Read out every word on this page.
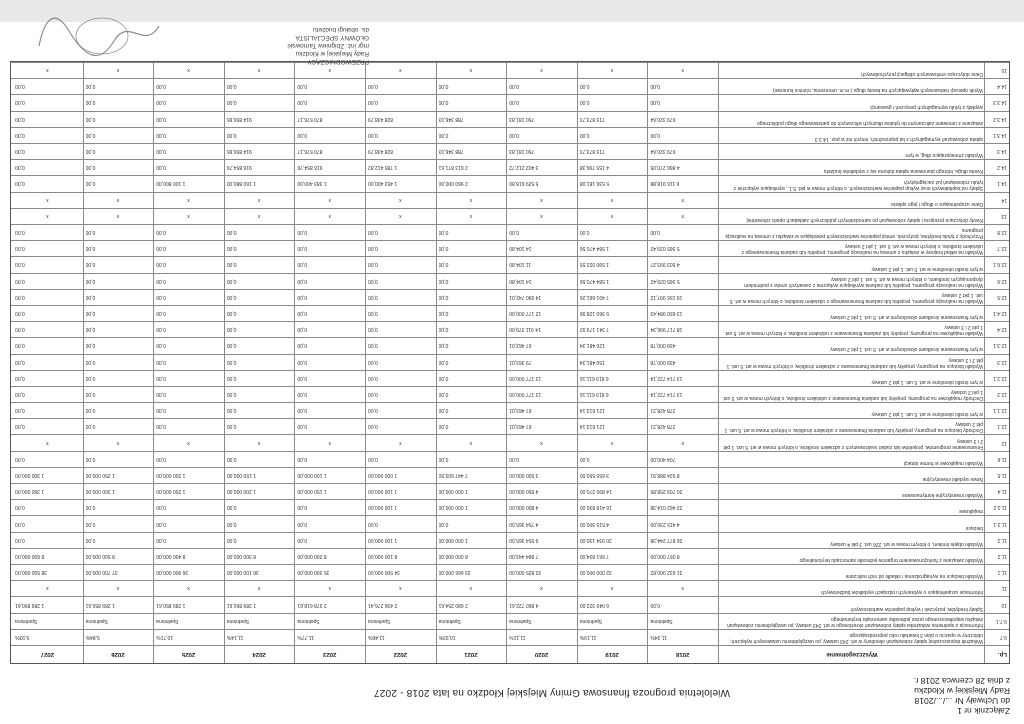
Załącznik nr 1
do Uchwały Nr .../.../2018
Rady Miejskiej w Kłodzku
z dnia 28 czerwca 2018 r.
Wieloletnia prognoza finansowa Gminy Miejskiej Kłodzko na lata 2018 - 2027
Lp.
Wyszczególnienie
2018
2019
2020
2021
2022
2023
2024
2025
2026
2027
9.7
Wskaźnik dopuszczalnej spłaty zobowiązań określony w art. 243 ustawy, po uwzględnieniu ustawowych wyłączeń, obliczony w oparciu o plan 3 kwartału roku poprzedzającego
11,34%
11,19%
11,11%
10,93%
11,46%
11,77%
11,14%
10,71%
9,84%
9,93%
9.7.1
Informacja o spełnieniu wskaźnika spłaty zobowiązań określonego w art. 243 ustawy, po uwzględnieniu zobowiązań związku współtworzonego przez jednostkę samorządu terytorialnego
Spełniona
Spełniona
Spełniona
Spełniona
Spełniona
Spełniona
Spełniona
Spełniona
Spełniona
Spełniona
10
Spłaty kredytów, pożyczek i wykup papierów wartościowych
0,00
6 049 322,00
4 860 722,61
2 680 254,61
2 436 276,41
2 378 618,61
1 289 850,61
1 289 850,61
1 289 850,61
1 289 850,61
11
Informacje uzupełniające o wybranych rodzajach wydatków budżetowych
x
x
x
x
x
x
x
x
x
x
11.1
Wydatki bieżące na wynagrodzenia i składki od nich naliczane
31 632 900,82
32 000 000,00
32 825 000,00
33 666 000,00
34 500 000,00
35 300 000,00
36 100 000,00
36 900 000,00
37 700 000,00
38 500 000,00
11.2
Wydatki związane z funkcjonowaniem organów jednostki samorządu terytorialnego
8 057 000,00
7 661 834,00
7 884 443,00
8 000 000,00
8 100 000,00
8 200 000,00
8 300 000,00
8 400 000,00
8 500 000,00
8 600 000,00
11.3
Wydatki objęte limitem, o którym mowa w art. 226 ust. 3 pkt 4 ustawy
26 877 244,38
20 934 130,00
9 554 365,00
1 000 000,00
1 100 000,00
0,00
0,00
0,00
0,00
0,00
11.3.1
bieżące
4 415 230,00
4 515 300,00
4 754 365,00
0,00
0,00
0,00
0,00
0,00
0,00
0,00
11.3.2
majątkowe
22 462 014,38
16 418 830,00
4 800 000,00
1 000 000,00
1 100 000,00
0,00
0,00
0,00
0,00
0,00
11.4
Wydatki inwestycyjne kontynuowane
20 709 258,85
14 890 270,00
4 550 000,00
1 000 000,00
1 100 000,00
1 150 000,00
1 200 000,00
1 250 000,00
1 300 000,00
1 350 000,00
11.5
Nowe wydatki inwestycyjne
8 924 888,91
3 655 550,00
3 500 000,00
7 447 503,50
1 000 000,00
1 100 000,00
1 150 000,00
1 200 000,00
1 250 000,00
1 300 000,00
11.6
Wydatki majątkowe w formie dotacji
704 400,00
0,00
0,00
0,00
0,00
0,00
0,00
0,00
0,00
0,00
12
Finansowanie programów, projektów lub zadań realizowanych z udziałem środków, o których mowa w art. 5 ust. 1 pkt 2 i 3 ustawy
x
x
x
x
x
x
x
x
x
x
12.1
Dochody bieżące na programy, projekty lub zadania finansowane z udziałem środków, o których mowa w art. 5 ust. 1 pkt 2 ustawy
378 428,21
121 613,14
67 463,01
0,00
0,00
0,00
0,00
0,00
0,00
0,00
12.1.1
w tym środki określone w art. 5 ust. 1 pkt 2 ustawy
378 428,21
121 613,14
67 463,01
0,00
0,00
0,00
0,00
0,00
0,00
0,00
12.2
Dochody majątkowe na programy, projekty lub zadania finansowane z udziałem środków, o których mowa w art. 5 ust. 1 pkt 2 ustawy
13 714 722,14
6 819 611,16
13 177 000,00
0,00
0,00
0,00
0,00
0,00
0,00
0,00
12.2.1
w tym środki określone w art. 5 ust. 1 pkt 2 ustawy
13 714 722,14
6 819 611,16
13 177 000,00
0,00
0,00
0,00
0,00
0,00
0,00
0,00
12.3
Wydatki bieżące na programy, projekty lub zadania finansowane z udziałem środków, o których mowa w art. 5 ust. 1 pkt 2 i 3 ustawy
439 000,78
150 481,34
79 363,01
0,00
0,00
0,00
0,00
0,00
0,00
0,00
12.3.1
w tym finansowane środkami określonymi w art. 5 ust. 1 pkt 2 ustawy
439 000,78
120 481,34
67 463,01
0,00
0,00
0,00
0,00
0,00
0,00
0,00
12.4
Wydatki majątkowe na programy, projekty lub zadania finansowane z udziałem środków, o których mowa w art. 5 ust. 1 pkt 2 i 3 ustawy
18 717 996,34
7 341 179,92
14 911 379,00
0,00
0,00
0,00
0,00
0,00
0,00
0,00
12.4.1
w tym finansowane środkami określonymi w art. 5 ust. 1 pkt 2 ustawy
13 650 984,43
5 969 128,96
12 177 000,00
0,00
0,00
0,00
0,00
0,00
0,00
0,00
12.5
Wydatki na realizację programu, projektu lub zadania finansowanego z udziałem środków, o których mowa w art. 5 ust. 1 pkt 2 ustawy
19 156 997,12
7 491 661,26
14 990 742,01
0,00
0,00
0,00
0,00
0,00
0,00
0,00
12.6
Wydatki na realizację programu, projektu lub zadania wynikające wyłącznie z zawartych umów z podmiotem dysponującym środkami, o których mowa w art. 5 ust. 1 pkt 2 ustawy
5 365 029,42
1 584 470,56
14 104,80
0,00
0,00
0,00
0,00
0,00
0,00
0,00
12.6.1
w tym środki określone w art. 5 ust. 1 pkt 2 ustawy
4 503 993,27
1 590 022,55
11 104,80
0,00
0,00
0,00
0,00
0,00
0,00
0,00
12.7
Wydatki na wkład krajowy w związku z umową na realizację programu, projektu lub zadania finansowanego z udziałem środków, o których mowa w art. 5 ust. 1 pkt 2 ustawy
5 365 029,42
1 584 470,56
14 104,80
0,00
0,00
0,00
0,00
0,00
0,00
0,00
12.8
Przychody z tytułu kredytów, pożyczek, emisji papierów wartościowych powstające w związku z umową na realizację programu
0,00
0,00
0,00
0,00
0,00
0,00
0,00
0,00
0,00
0,00
13
Kwoty dotyczące przejęcia i spłaty zobowiązań po samodzielnych publicznych zakładach opieki zdrowotnej
x
x
x
x
x
x
x
x
x
x
14
Dane uzupełniające o długu i jego spłacie
x
x
x
x
x
x
x
x
x
x
14.1
Spłaty rat kapitałowych oraz wykup papierów wartościowych, o których mowa w pkt. 5.1., wynikające wyłącznie z tytułu zobowiązań już zaciągniętych
6 116 918,88
5 536 181,08
5 529 618,80
2 960 000,00
1 453 400,00
1 383 400,00
1 160 880,00
1 100 800,00
0,00
0,00
14.2
Kwota długu, którego planowana spłata dokona się z wydatków budżetu
4 866 270,05
4 155 796,38
3 402 212,72
2 613 871,61
1 785 412,82
916 854,76
916 854,76
0,00
0,00
0,00
14.3
Wydatki zmniejszające dług, w tym:
679 320,64
713 873,73
750 181,83
788 346,03
828 438,79
870 576,17
914 856,65
0,00
0,00
0,00
14.3.1
spłata zobowiązań wymagalnych z lat poprzednich, innych niż w poz. 14.3.3
0,00
0,00
0,00
0,00
0,00
0,00
0,00
0,00
0,00
0,00
14.3.2
związane z umowami zaliczanymi do tytułów dłużnych wliczanych do państwowego długu publicznego
679 320,64
713 873,73
750 181,83
788 346,03
828 438,79
870 576,17
914 856,65
0,00
0,00
0,00
14.3.3
wypłaty z tytułu wymagalnych poręczeń i gwarancji
0,00
0,00
0,00
0,00
0,00
0,00
0,00
0,00
0,00
0,00
14.4
Wynik operacji niekasowych wpływających na kwotę długu ( m.in. umorzenia, różnice kursowe)
0,00
0,00
0,00
0,00
0,00
0,00
0,00
0,00
0,00
0,00
15
Dane dotyczące emitowanych obligacji przychodowych
x
x
x
x
x
x
x
x
x
x
PRZEWODNICZĄCY
Rady Miejskiej w Kłodzku
mgr inż. Zbigniew Tarnowski
GŁÓWNY SPECJALISTA
ds. obsługi budżetu
